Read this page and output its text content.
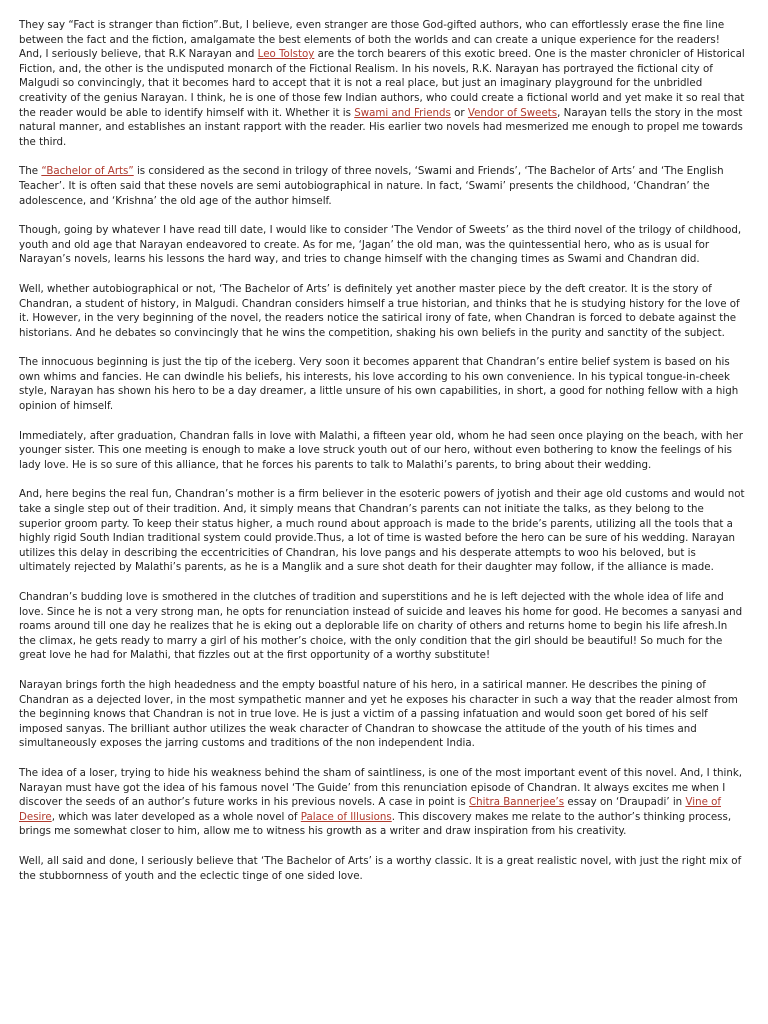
They say “Fact is stranger than fiction”.But, I believe, even stranger are those God-gifted authors, who can effortlessly erase the fine line between the fact and the fiction, amalgamate the best elements of both the worlds and can create a unique experience for the readers! And, I seriously believe, that R.K Narayan and Leo Tolstoy are the torch bearers of this exotic breed. One is the master chronicler of Historical Fiction, and, the other is the undisputed monarch of the Fictional Realism. In his novels, R.K. Narayan has portrayed the fictional city of Malgudi so convincingly, that it becomes hard to accept that it is not a real place, but just an imaginary playground for the unbridled creativity of the genius Narayan. I think, he is one of those few Indian authors, who could create a fictional world and yet make it so real that the reader would be able to identify himself with it. Whether it is Swami and Friends or Vendor of Sweets, Narayan tells the story in the most natural manner, and establishes an instant rapport with the reader. His earlier two novels had mesmerized me enough to propel me towards the third.

The “Bachelor of Arts” is considered as the second in trilogy of three novels, ‘Swami and Friends’, ‘The Bachelor of Arts’ and ‘The English Teacher’. It is often said that these novels are semi autobiographical in nature. In fact, ‘Swami’ presents the childhood, ‘Chandran’ the adolescence, and ‘Krishna’ the old age of the author himself.

Though, going by whatever I have read till date, I would like to consider ‘The Vendor of Sweets’ as the third novel of the trilogy of childhood, youth and old age that Narayan endeavored to create. As for me, ‘Jagan’ the old man, was the quintessential hero, who as is usual for Narayan’s novels, learns his lessons the hard way, and tries to change himself with the changing times as Swami and Chandran did.

Well, whether autobiographical or not, ‘The Bachelor of Arts’ is definitely yet another master piece by the deft creator. It is the story of Chandran, a student of history, in Malgudi. Chandran considers himself a true historian, and thinks that he is studying history for the love of it. However, in the very beginning of the novel, the readers notice the satirical irony of fate, when Chandran is forced to debate against the historians. And he debates so convincingly that he wins the competition, shaking his own beliefs in the purity and sanctity of the subject.

The innocuous beginning is just the tip of the iceberg. Very soon it becomes apparent that Chandran’s entire belief system is based on his own whims and fancies. He can dwindle his beliefs, his interests, his love according to his own convenience. In his typical tongue-in-cheek style, Narayan has shown his hero to be a day dreamer, a little unsure of his own capabilities, in short, a good for nothing fellow with a high opinion of himself.

Immediately, after graduation, Chandran falls in love with Malathi, a fifteen year old, whom he had seen once playing on the beach, with her younger sister. This one meeting is enough to make a love struck youth out of our hero, without even bothering to know the feelings of his lady love. He is so sure of this alliance, that he forces his parents to talk to Malathi’s parents, to bring about their wedding.

And, here begins the real fun, Chandran’s mother is a firm believer in the esoteric powers of jyotish and their age old customs and would not take a single step out of their tradition. And, it simply means that Chandran’s parents can not initiate the talks, as they belong to the superior groom party. To keep their status higher, a much round about approach is made to the bride’s parents, utilizing all the tools that a highly rigid South Indian traditional system could provide.Thus, a lot of time is wasted before the hero can be sure of his wedding. Narayan utilizes this delay in describing the eccentricities of Chandran, his love pangs and his desperate attempts to woo his beloved, but is ultimately rejected by Malathi’s parents, as he is a Manglik and a sure shot death for their daughter may follow, if the alliance is made.

Chandran’s budding love is smothered in the clutches of tradition and superstitions and he is left dejected with the whole idea of life and love. Since he is not a very strong man, he opts for renunciation instead of suicide and leaves his home for good. He becomes a sanyasi and roams around till one day he realizes that he is eking out a deplorable life on charity of others and returns home to begin his life afresh.In the climax, he gets ready to marry a girl of his mother’s choice, with the only condition that the girl should be beautiful! So much for the great love he had for Malathi, that fizzles out at the first opportunity of a worthy substitute!

Narayan brings forth the high headedness and the empty boastful nature of his hero, in a satirical manner. He describes the pining of Chandran as a dejected lover, in the most sympathetic manner and yet he exposes his character in such a way that the reader almost from the beginning knows that Chandran is not in true love. He is just a victim of a passing infatuation and would soon get bored of his self imposed sanyas. The brilliant author utilizes the weak character of Chandran to showcase the attitude of the youth of his times and simultaneously exposes the jarring customs and traditions of the non independent India.

The idea of a loser, trying to hide his weakness behind the sham of saintliness, is one of the most important event of this novel. And, I think, Narayan must have got the idea of his famous novel ‘The Guide’ from this renunciation episode of Chandran. It always excites me when I discover the seeds of an author’s future works in his previous novels. A case in point is Chitra Bannerjee’s essay on ‘Draupadi’ in Vine of Desire, which was later developed as a whole novel of Palace of Illusions. This discovery makes me relate to the author’s thinking process, brings me somewhat closer to him, allow me to witness his growth as a writer and draw inspiration from his creativity.

Well, all said and done, I seriously believe that ‘The Bachelor of Arts’ is a worthy classic. It is a great realistic novel, with just the right mix of the stubbornness of youth and the eclectic tinge of one sided love.
